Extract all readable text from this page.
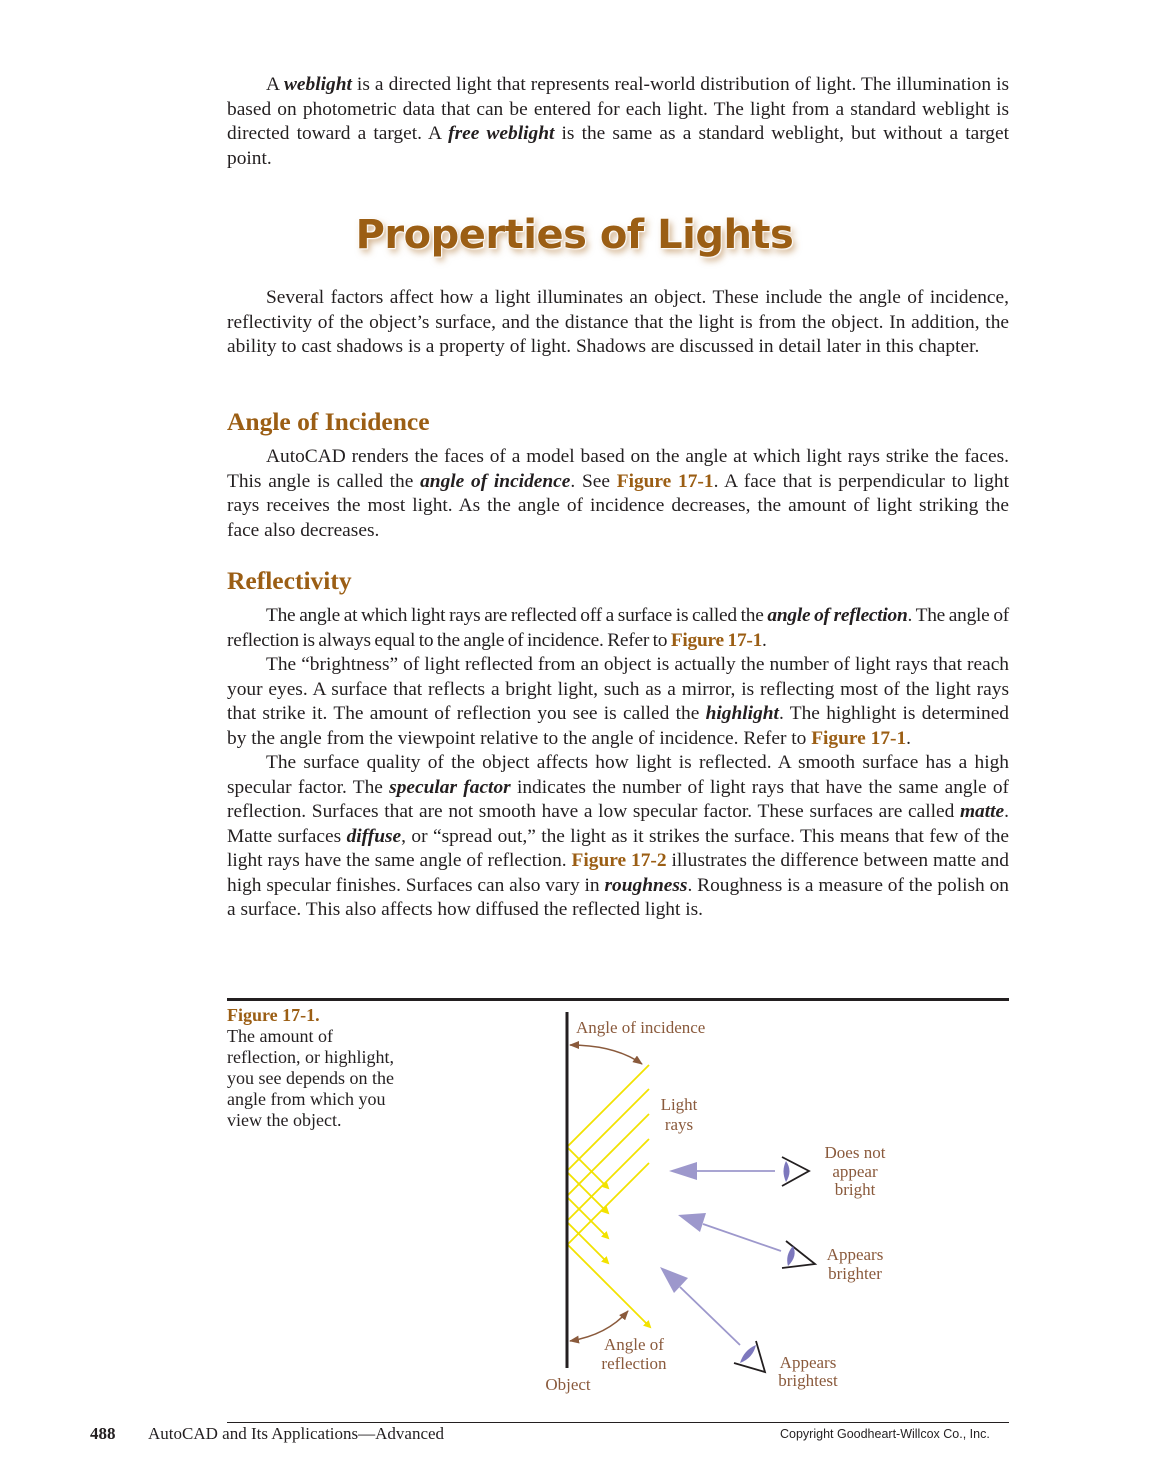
A weblight is a directed light that represents real-world distribution of light. The illumination is based on photometric data that can be entered for each light. The light from a standard weblight is directed toward a target. A free weblight is the same as a standard weblight, but without a target point.

Properties of Lights

Several factors affect how a light illuminates an object. These include the angle of incidence, reflectivity of the object’s surface, and the distance that the light is from the object. In addition, the ability to cast shadows is a property of light. Shadows are discussed in detail later in this chapter.

Angle of Incidence

AutoCAD renders the faces of a model based on the angle at which light rays strike the faces. This angle is called the angle of incidence. See Figure 17-1. A face that is perpendicular to light rays receives the most light. As the angle of incidence decreases, the amount of light striking the face also decreases.

Reflectivity

The angle at which light rays are reflected off a surface is called the angle of reflection. The angle of reflection is always equal to the angle of incidence. Refer to Figure 17-1.

The “brightness” of light reflected from an object is actually the number of light rays that reach your eyes. A surface that reflects a bright light, such as a mirror, is reflecting most of the light rays that strike it. The amount of reflection you see is called the highlight. The highlight is determined by the angle from the viewpoint relative to the angle of incidence. Refer to Figure 17-1.

The surface quality of the object affects how light is reflected. A smooth surface has a high specular factor. The specular factor indicates the number of light rays that have the same angle of reflection. Surfaces that are not smooth have a low specular factor. These surfaces are called matte. Matte surfaces diffuse, or “spread out,” the light as it strikes the surface. This means that few of the light rays have the same angle of reflection. Figure 17-2 illustrates the difference between matte and high specular finishes. Surfaces can also vary in roughness. Roughness is a measure of the polish on a surface. This also affects how diffused the reflected light is.

Figure 17-1.
The amount of reflection, or highlight, you see depends on the angle from which you view the object.
Angle of incidence
Light
rays
Does not
appear
bright
Appears
brighter
Angle of
reflection	Appears
brightest
Object
488 AutoCAD and Its Applications—Advanced	Copyright Goodheart-Willcox Co., Inc.
